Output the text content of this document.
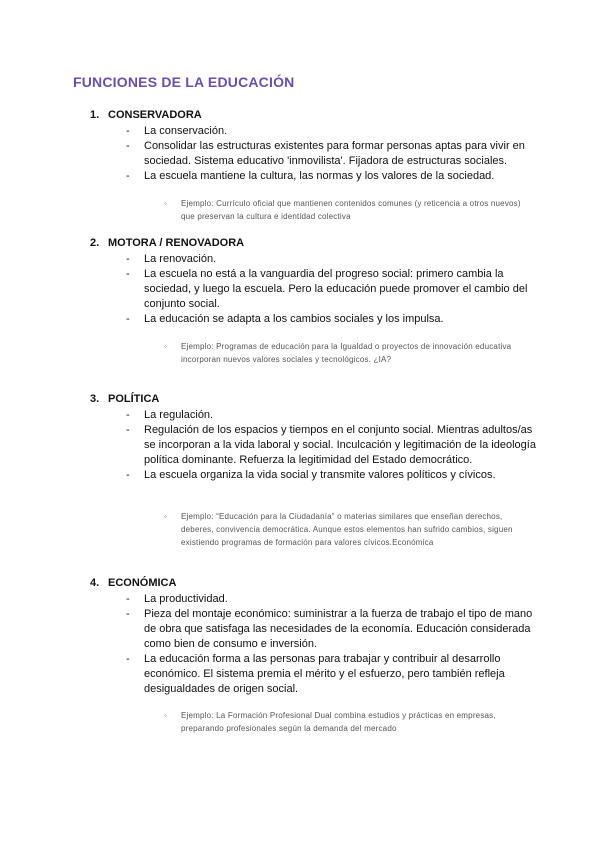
FUNCIONES DE LA EDUCACIÓN
1. CONSERVADORA
- La conservación.
- Consolidar las estructuras existentes para formar personas aptas para vivir en sociedad. Sistema educativo 'inmovilista'. Fijadora de estructuras sociales.
- La escuela mantiene la cultura, las normas y los valores de la sociedad.
◦	Ejemplo: Currículo oficial que mantienen contenidos comunes (y reticencia a otros nuevos) que preservan la cultura e identidad colectiva
2. MOTORA / RENOVADORA
- La renovación.
- La escuela no está a la vanguardia del progreso social: primero cambia la sociedad, y luego la escuela. Pero la educación puede promover el cambio del conjunto social.
- La educación se adapta a los cambios sociales y los impulsa.
◦	Ejemplo: Programas de educación para la Igualdad o proyectos de innovación educativa incorporan nuevos valores sociales y tecnológicos. ¿IA?
3. POLÍTICA
- La regulación.
- Regulación de los espacios y tiempos en el conjunto social. Mientras adultos/as se incorporan a la vida laboral y social. Inculcación y legitimación de la ideología política dominante. Refuerza la legitimidad del Estado democrático.
- La escuela organiza la vida social y transmite valores políticos y cívicos.
◦	Ejemplo: “Educación para la Ciudadanía” o materias similares que enseñan derechos, deberes, convivencia democrática. Aunque estos elementos han sufrido cambios, siguen existiendo programas de formación para valores cívicos.Económica
4. ECONÓMICA
- La productividad.
- Pieza del montaje económico: suministrar a la fuerza de trabajo el tipo de mano de obra que satisfaga las necesidades de la economía. Educación considerada como bien de consumo e inversión.
- La educación forma a las personas para trabajar y contribuir al desarrollo económico. El sistema premia el mérito y el esfuerzo, pero también refleja desigualdades de origen social.
◦	Ejemplo: La Formación Profesional Dual combina estudios y prácticas en empresas, preparando profesionales según la demanda del mercado
